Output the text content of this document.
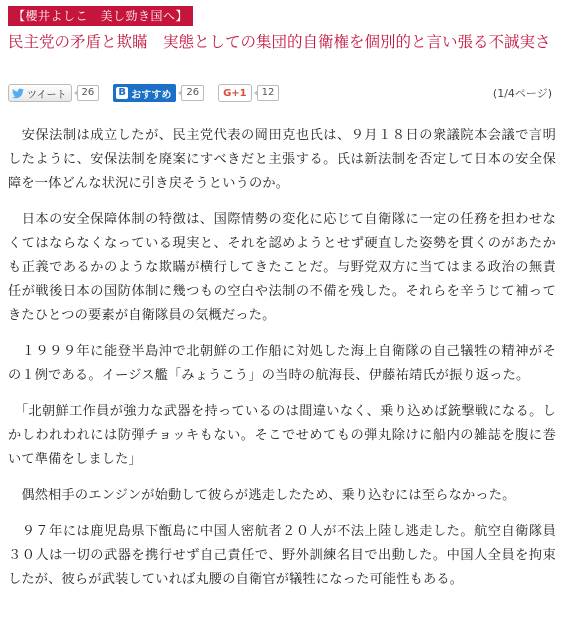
【櫻井よしこ　美し勁き国へ】
民主党の矛盾と欺瞞　実態としての集団的自衛権を個別的と言い張る不誠実さ
ツイート	26	B おすすめ	26	G+1	12	(1/4ページ)

　安保法制は成立したが、民主党代表の岡田克也氏は、９月１８日の衆議院本会議で言明したように、安保法制を廃案にすべきだと主張する。氏は新法制を否定して日本の安全保障を一体どんな状況に引き戻そうというのか。

　日本の安全保障体制の特徴は、国際情勢の変化に応じて自衛隊に一定の任務を担わせなくてはならなくなっている現実と、それを認めようとせず硬直した姿勢を貫くのがあたかも正義であるかのような欺瞞が横行してきたことだ。与野党双方に当てはまる政治の無責任が戦後日本の国防体制に幾つもの空白や法制の不備を残した。それらを辛うじて補ってきたひとつの要素が自衛隊員の気概だった。

　１９９９年に能登半島沖で北朝鮮の工作船に対処した海上自衛隊の自己犠牲の精神がその１例である。イージス艦「みょうこう」の当時の航海長、伊藤祐靖氏が振り返った。

　「北朝鮮工作員が強力な武器を持っているのは間違いなく、乗り込めば銃撃戦になる。しかしわれわれには防弾チョッキもない。そこでせめてもの弾丸除けに船内の雑誌を腹に巻いて準備をしました」

　偶然相手のエンジンが始動して彼らが逃走したため、乗り込むには至らなかった。

　９７年には鹿児島県下甑島に中国人密航者２０人が不法上陸し逃走した。航空自衛隊員３０人は一切の武器を携行せず自己責任で、野外訓練名目で出動した。中国人全員を拘束したが、彼らが武装していれば丸腰の自衛官が犠牲になった可能性もある。
